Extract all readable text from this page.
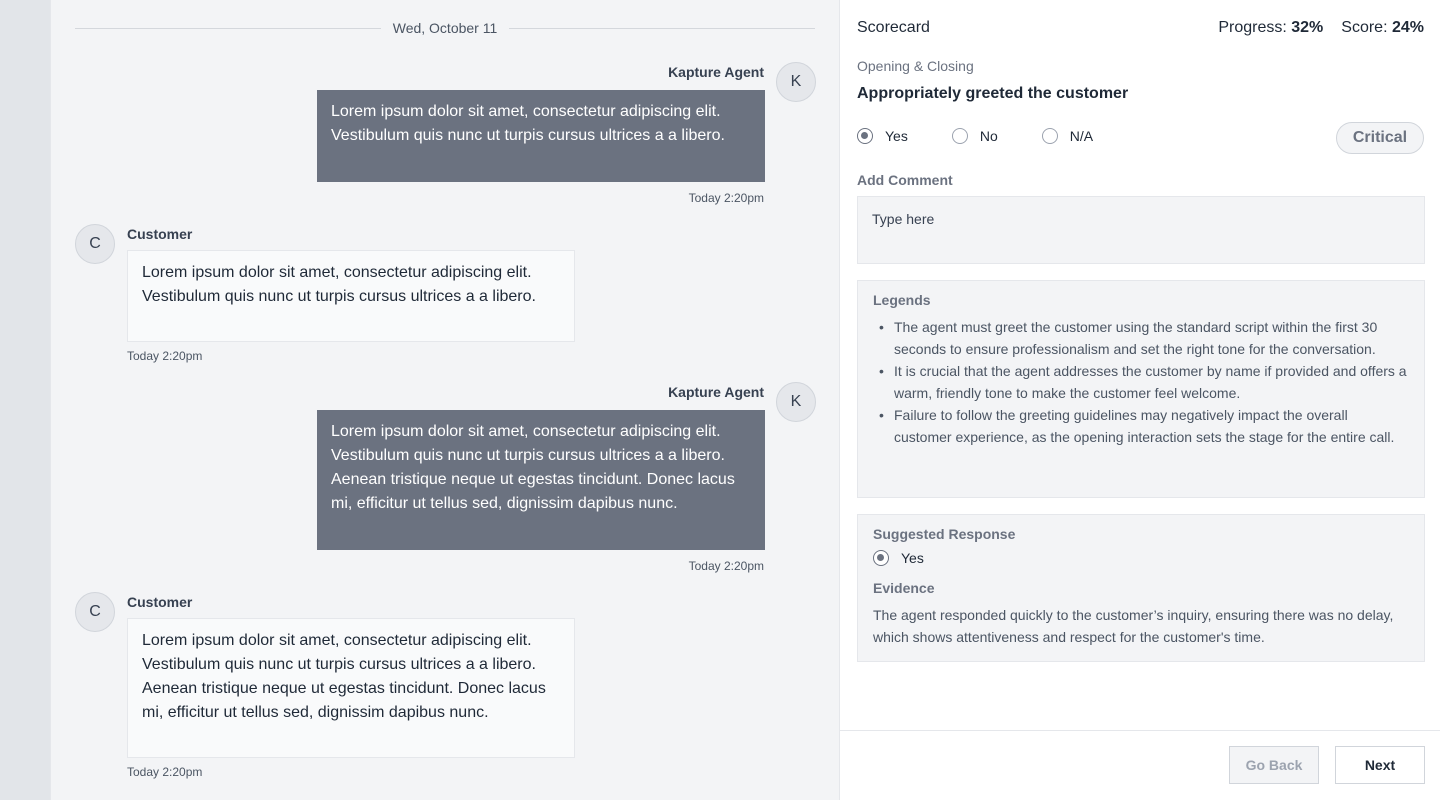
Wed, October 11
Kapture Agent
K
Lorem ipsum dolor sit amet, consectetur adipiscing elit. Vestibulum quis nunc ut turpis cursus ultrices a a libero.
Today 2:20pm
C
Customer
Lorem ipsum dolor sit amet, consectetur adipiscing elit. Vestibulum quis nunc ut turpis cursus ultrices a a libero.
Today 2:20pm
Kapture Agent
K
Lorem ipsum dolor sit amet, consectetur adipiscing elit. Vestibulum quis nunc ut turpis cursus ultrices a a libero. Aenean tristique neque ut egestas tincidunt. Donec lacus mi, efficitur ut tellus sed, dignissim dapibus nunc.
Today 2:20pm
C
Customer
Lorem ipsum dolor sit amet, consectetur adipiscing elit. Vestibulum quis nunc ut turpis cursus ultrices a a libero. Aenean tristique neque ut egestas tincidunt. Donec lacus mi, efficitur ut tellus sed, dignissim dapibus nunc.
Today 2:20pm
Scorecard	Progress: 32% Score: 24%
Opening & Closing
Appropriately greeted the customer
Yes	No	N/A	Critical
Add Comment
Type here
Legends
• The agent must greet the customer using the standard script within the first 30 seconds to ensure professionalism and set the right tone for the conversation.
• It is crucial that the agent addresses the customer by name if provided and offers a warm, friendly tone to make the customer feel welcome.
• Failure to follow the greeting guidelines may negatively impact the overall customer experience, as the opening interaction sets the stage for the entire call.
Suggested Response
Yes
Evidence
The agent responded quickly to the customer’s inquiry, ensuring there was no delay, which shows attentiveness and respect for the customer's time.
Go Back	Next
